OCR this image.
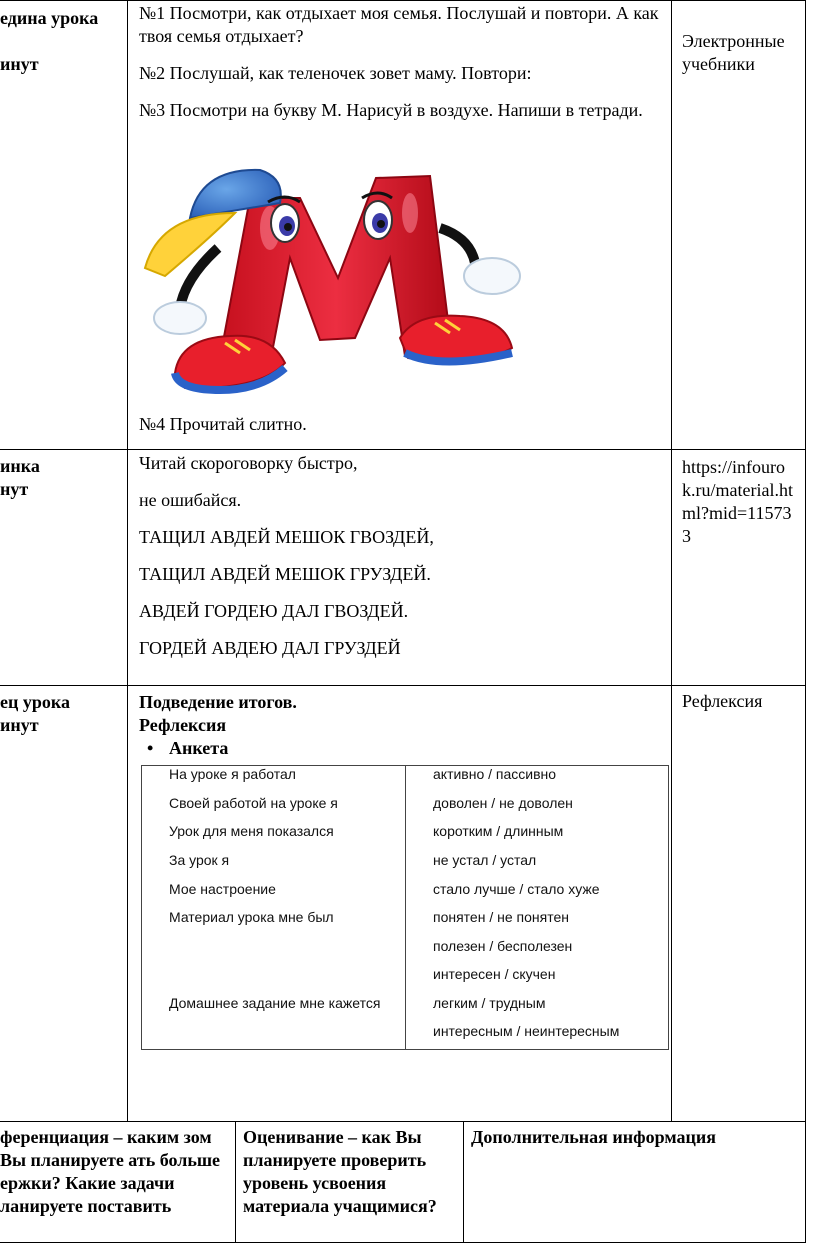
едина урока
инут

№1 Посмотри, как отдыхает моя семья. Послушай и повтори. А как твоя семья отдыхает?

№2 Послушай, как теленочек зовет маму. Повтори:

№3 Посмотри на букву М. Нарисуй в воздухе. Напиши в тетради.

№4 Прочитай слитно.
Электронные учебники
инка
нут
Читай скороговорку быстро,
не ошибайся.
ТАЩИЛ АВДЕЙ МЕШОК ГВОЗДЕЙ,
ТАЩИЛ АВДЕЙ МЕШОК ГРУЗДЕЙ.
АВДЕЙ ГОРДЕЮ ДАЛ ГВОЗДЕЙ.
ГОРДЕЙ АВДЕЮ ДАЛ ГРУЗДЕЙ
https://infourok.ru/material.html?mid=115733
ец урока
инут
Подведение итогов.
Рефлексия
• Анкета
Рефлексия
На уроке я работал
Своей работой на уроке я
Урок для меня показался
За урок я
Мое настроение
Материал урока мне был
Домашнее задание мне кажется
активно / пассивно
доволен / не доволен
коротким / длинным
не устал / устал
стало лучше / стало хуже
понятен / не понятен
полезен / бесполезен
интересен / скучен
легким / трудным
интересным / неинтересным
ференциация – каким зом Вы планируете ать больше ержки? Какие задачи ланируете поставить
Оценивание – как Вы планируете проверить уровень усвоения материала учащимися?
Дополнительная информация
